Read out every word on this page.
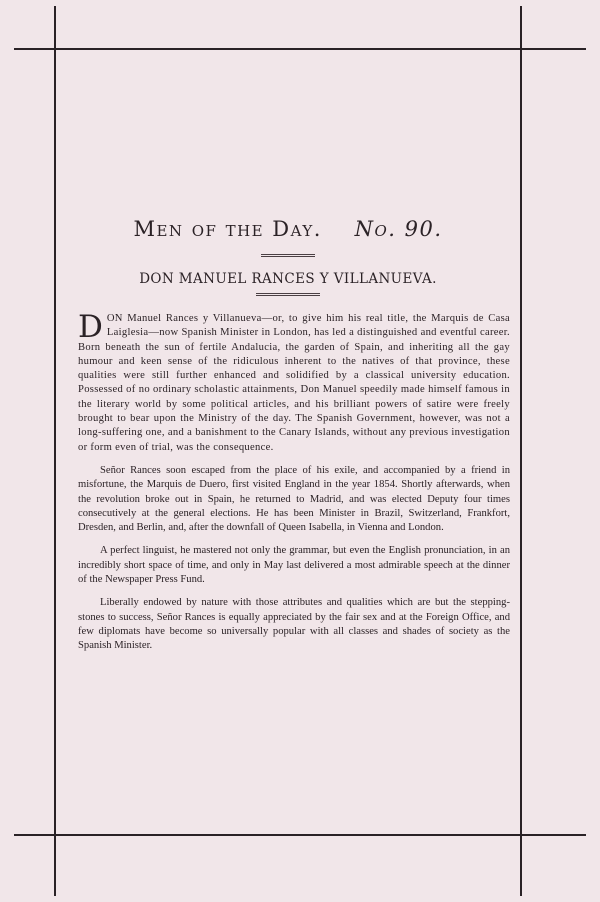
Men of the Day. No. 90.
DON MANUEL RANCES Y VILLANUEVA.

DON Manuel Rances y Villanueva—or, to give him his real title, the Marquis de Casa Laiglesia—now Spanish Minister in London, has led a distinguished and eventful career. Born beneath the sun of fertile Andalucia, the garden of Spain, and inheriting all the gay humour and keen sense of the ridiculous inherent to the natives of that province, these qualities were still further enhanced and solidified by a classical university education. Possessed of no ordinary scholastic attainments, Don Manuel speedily made himself famous in the literary world by some political articles, and his brilliant powers of satire were freely brought to bear upon the Ministry of the day. The Spanish Government, however, was not a long-suffering one, and a banishment to the Canary Islands, without any previous investigation or form even of trial, was the consequence.

Señor Rances soon escaped from the place of his exile, and accompanied by a friend in misfortune, the Marquis de Duero, first visited England in the year 1854. Shortly afterwards, when the revolution broke out in Spain, he returned to Madrid, and was elected Deputy four times consecutively at the general elections. He has been Minister in Brazil, Switzerland, Frankfort, Dresden, and Berlin, and, after the downfall of Queen Isabella, in Vienna and London.

A perfect linguist, he mastered not only the grammar, but even the English pronunciation, in an incredibly short space of time, and only in May last delivered a most admirable speech at the dinner of the Newspaper Press Fund.

Liberally endowed by nature with those attributes and qualities which are but the stepping-stones to success, Señor Rances is equally appreciated by the fair sex and at the Foreign Office, and few diplomats have become so universally popular with all classes and shades of society as the Spanish Minister.
